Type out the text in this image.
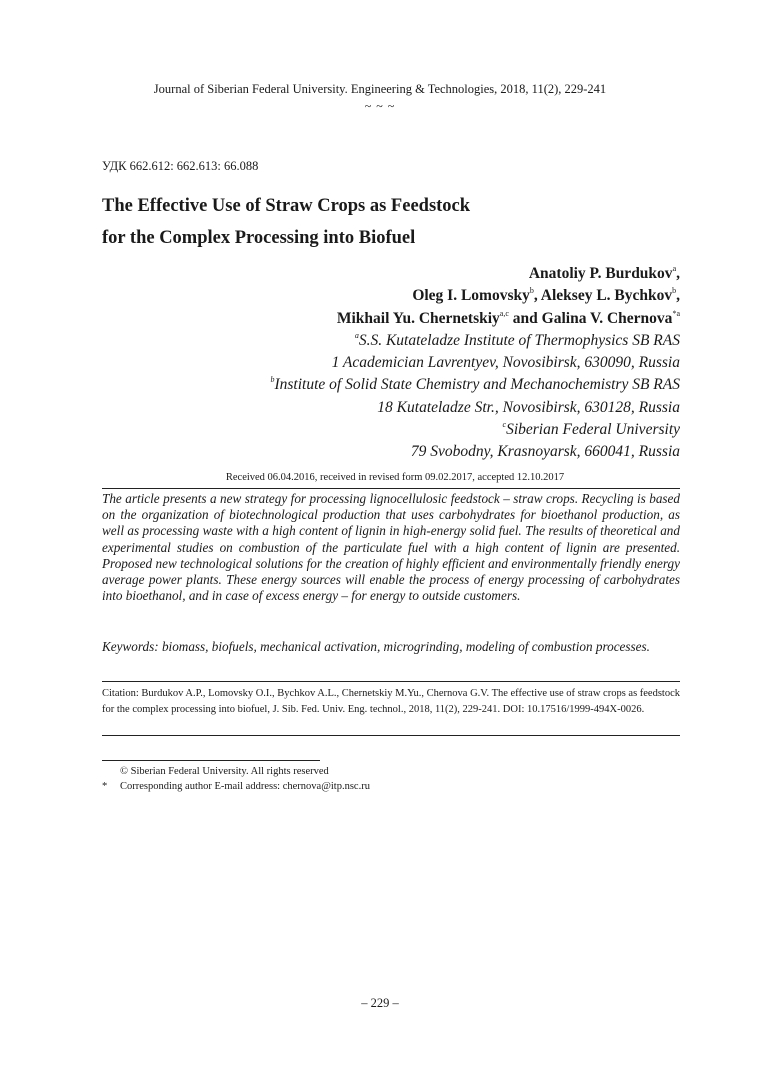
Journal of Siberian Federal University. Engineering & Technologies, 2018, 11(2), 229-241
~ ~ ~
УДК 662.612: 662.613: 66.088
The Effective Use of Straw Crops as Feedstock
for the Complex Processing into Biofuel
Anatoliy P. Burdukov$^a$,
Oleg I. Lomovsky$^b$, Aleksey L. Bychkov$^b$,
Mikhail Yu. Chernetskiy$^{a,c}$ and Galina V. Chernova$^{*a}$
$^a$S.S. Kutateladze Institute of Thermophysics SB RAS
1 Academician Lavrentyev, Novosibirsk, 630090, Russia
$^b$Institute of Solid State Chemistry and Mechanochemistry SB RAS
18 Kutateladze Str., Novosibirsk, 630128, Russia
$^c$Siberian Federal University
79 Svobodny, Krasnoyarsk, 660041, Russia
Received 06.04.2016, received in revised form 09.02.2017, accepted 12.10.2017
The article presents a new strategy for processing lignocellulosic feedstock – straw crops. Recycling is based on the organization of biotechnological production that uses carbohydrates for bioethanol production, as well as processing waste with a high content of lignin in high-energy solid fuel. The results of theoretical and experimental studies on combustion of the particulate fuel with a high content of lignin are presented. Proposed new technological solutions for the creation of highly efficient and environmentally friendly energy average power plants. These energy sources will enable the process of energy processing of carbohydrates into bioethanol, and in case of excess energy – for energy to outside customers.
Keywords: biomass, biofuels, mechanical activation, microgrinding, modeling of combustion processes.
Citation: Burdukov A.P., Lomovsky O.I., Bychkov A.L., Chernetskiy M.Yu., Chernova G.V. The effective use of straw crops as feedstock for the complex processing into biofuel, J. Sib. Fed. Univ. Eng. technol., 2018, 11(2), 229-241. DOI: 10.17516/1999-494X-0026.
© Siberian Federal University. All rights reserved
* Corresponding author E-mail address: chernova@itp.nsc.ru
– 229 –
